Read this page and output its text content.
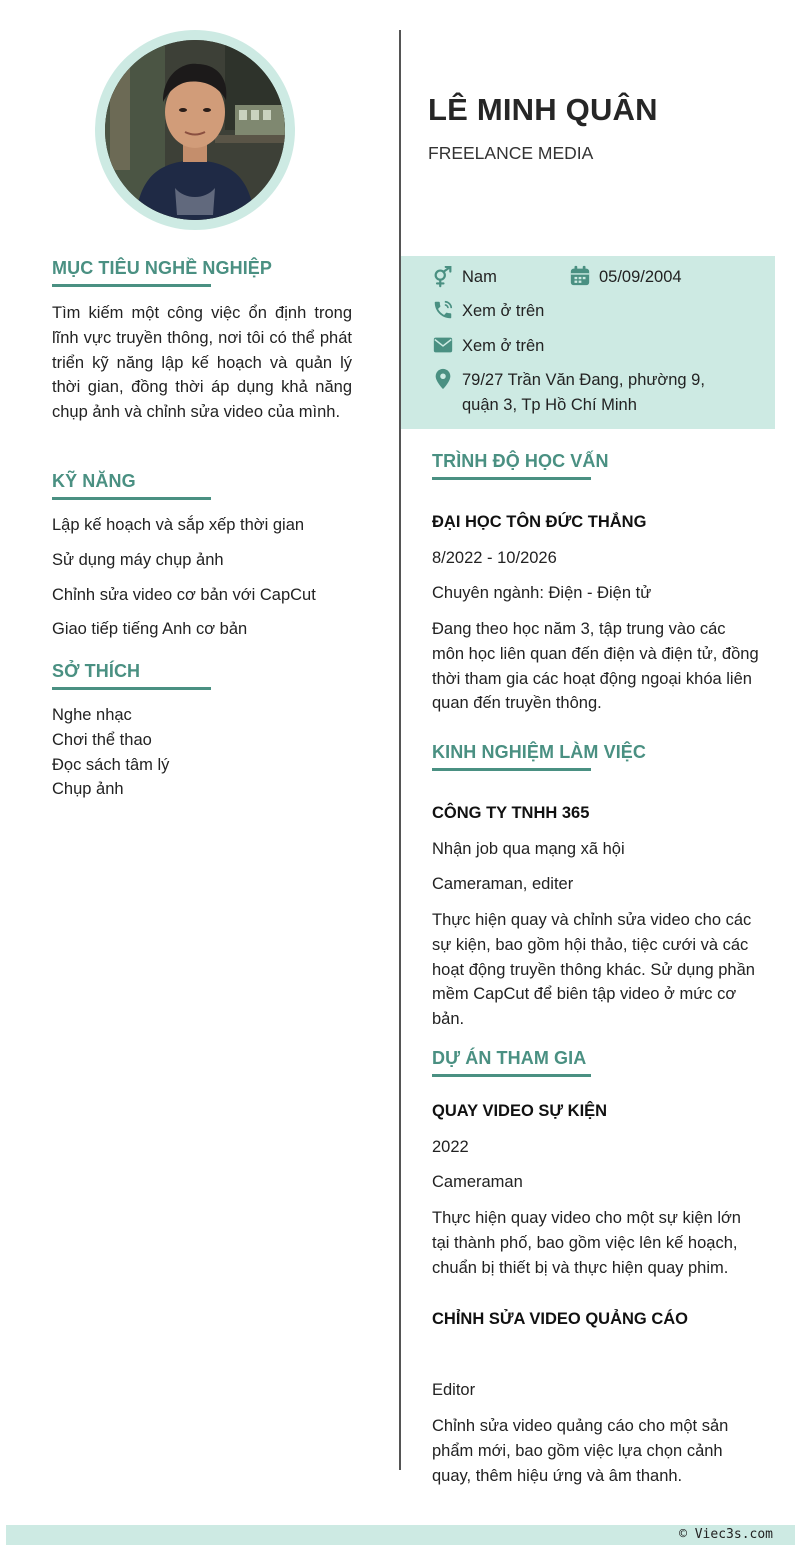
MỤC TIÊU NGHỀ NGHIỆP
Tìm kiếm một công việc ổn định trong lĩnh vực truyền thông, nơi tôi có thể phát triển kỹ năng lập kế hoạch và quản lý thời gian, đồng thời áp dụng khả năng chụp ảnh và chỉnh sửa video của mình.
KỸ NĂNG
Lập kế hoạch và sắp xếp thời gian
Sử dụng máy chụp ảnh
Chỉnh sửa video cơ bản với CapCut
Giao tiếp tiếng Anh cơ bản
SỞ THÍCH
Nghe nhạc
Chơi thể thao
Đọc sách tâm lý
Chụp ảnh
LÊ MINH QUÂN
FREELANCE MEDIA
Nam	05/09/2004
Xem ở trên
Xem ở trên
79/27 Trần Văn Đang, phường 9,
quận 3, Tp Hồ Chí Minh
TRÌNH ĐỘ HỌC VẤN
ĐẠI HỌC TÔN ĐỨC THẮNG
8/2022 - 10/2026
Chuyên ngành: Điện - Điện tử
Đang theo học năm 3, tập trung vào các môn học liên quan đến điện và điện tử, đồng thời tham gia các hoạt động ngoại khóa liên quan đến truyền thông.
KINH NGHIỆM LÀM VIỆC
CÔNG TY TNHH 365
Nhận job qua mạng xã hội
Cameraman, editer
Thực hiện quay và chỉnh sửa video cho các sự kiện, bao gồm hội thảo, tiệc cưới và các hoạt động truyền thông khác. Sử dụng phần mềm CapCut để biên tập video ở mức cơ bản.
DỰ ÁN THAM GIA
QUAY VIDEO SỰ KIỆN
2022
Cameraman
Thực hiện quay video cho một sự kiện lớn tại thành phố, bao gồm việc lên kế hoạch, chuẩn bị thiết bị và thực hiện quay phim.
CHỈNH SỬA VIDEO QUẢNG CÁO
Editor
Chỉnh sửa video quảng cáo cho một sản phẩm mới, bao gồm việc lựa chọn cảnh quay, thêm hiệu ứng và âm thanh.
© Viec3s.com
